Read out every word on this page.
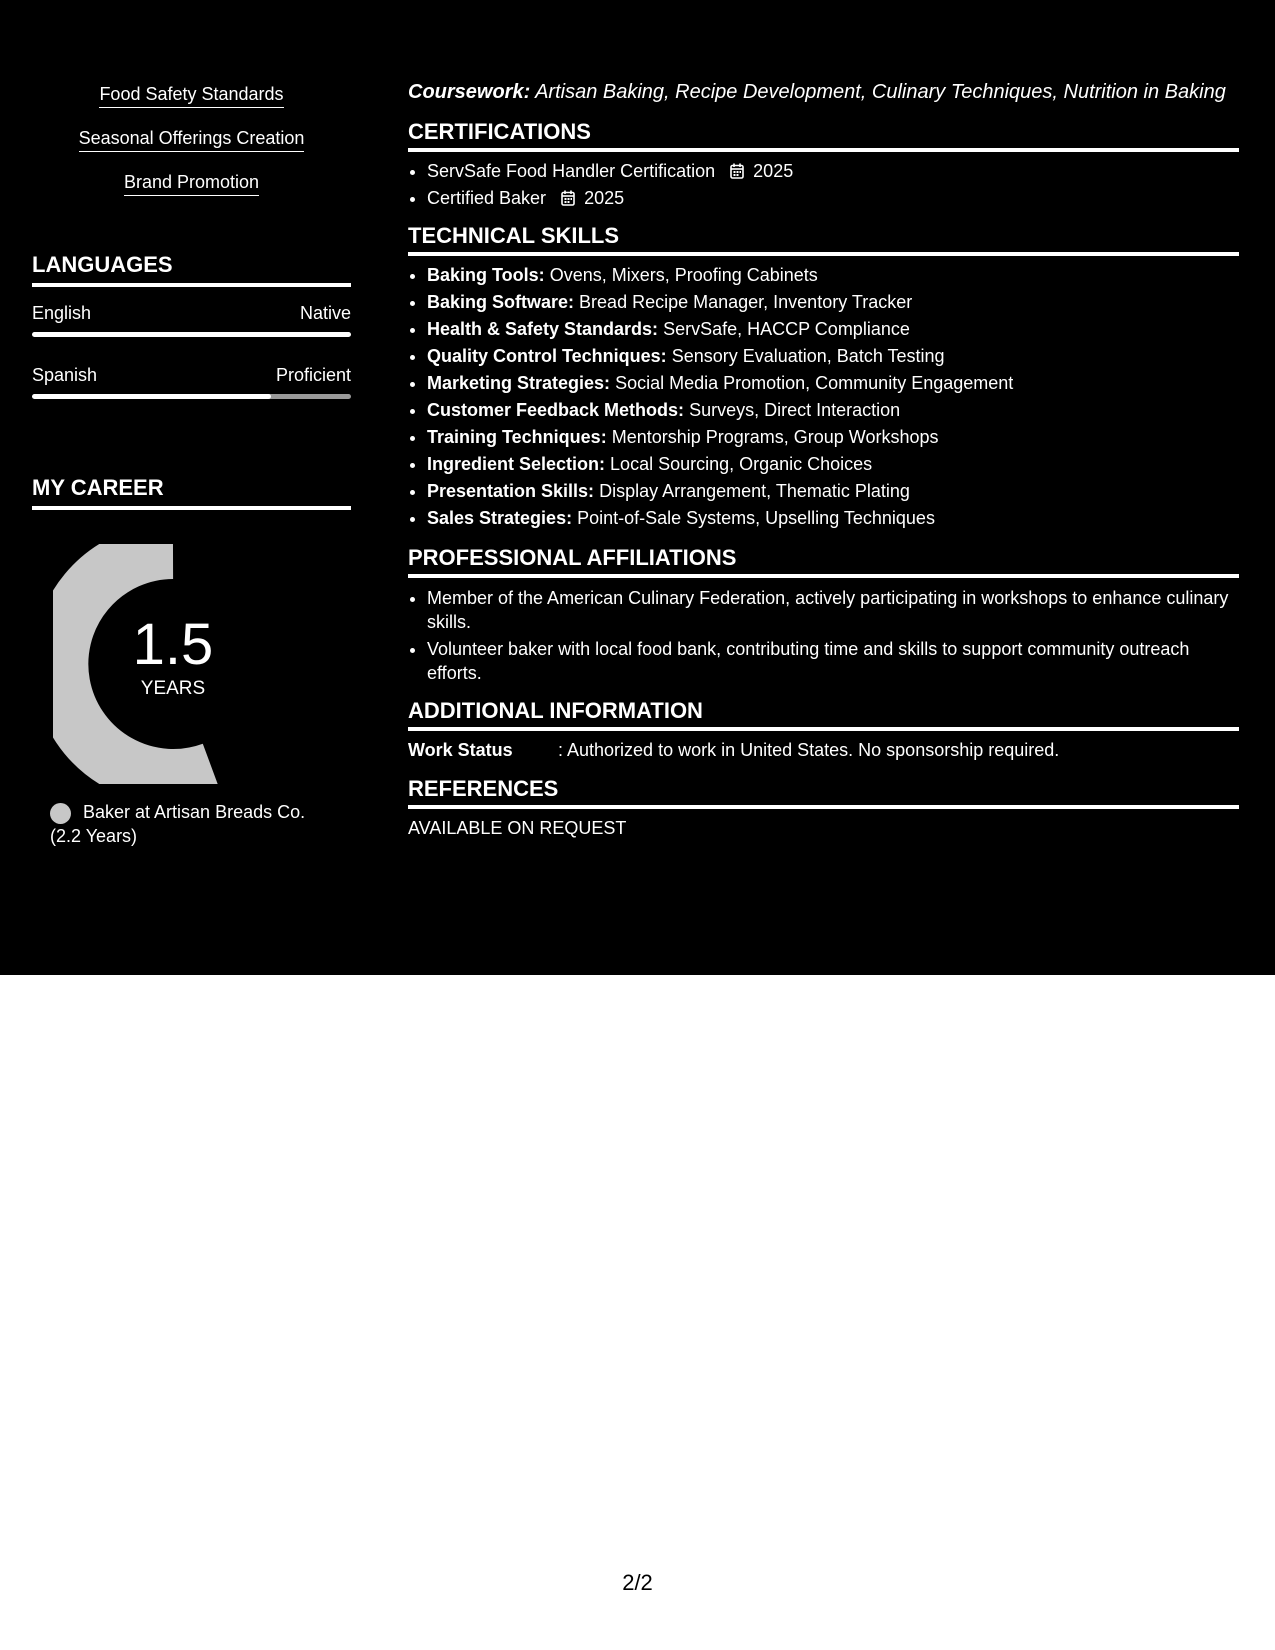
Food Safety Standards
Seasonal Offerings Creation
Brand Promotion
LANGUAGES
English	Native
Spanish	Proficient
MY CAREER
1.5
YEARS
Baker at Artisan Breads Co.
(2.2 Years)
Coursework: Artisan Baking, Recipe Development, Culinary Techniques, Nutrition in Baking
CERTIFICATIONS
• ServSafe Food Handler Certification 2025
• Certified Baker 2025
TECHNICAL SKILLS
• Baking Tools: Ovens, Mixers, Proofing Cabinets
• Baking Software: Bread Recipe Manager, Inventory Tracker
• Health & Safety Standards: ServSafe, HACCP Compliance
• Quality Control Techniques: Sensory Evaluation, Batch Testing
• Marketing Strategies: Social Media Promotion, Community Engagement
• Customer Feedback Methods: Surveys, Direct Interaction
• Training Techniques: Mentorship Programs, Group Workshops
• Ingredient Selection: Local Sourcing, Organic Choices
• Presentation Skills: Display Arrangement, Thematic Plating
• Sales Strategies: Point-of-Sale Systems, Upselling Techniques
PROFESSIONAL AFFILIATIONS
• Member of the American Culinary Federation, actively participating in workshops to enhance culinary skills.
• Volunteer baker with local food bank, contributing time and skills to support community outreach efforts.
ADDITIONAL INFORMATION
Work Status	: Authorized to work in United States. No sponsorship required.
REFERENCES
AVAILABLE ON REQUEST
2/2
